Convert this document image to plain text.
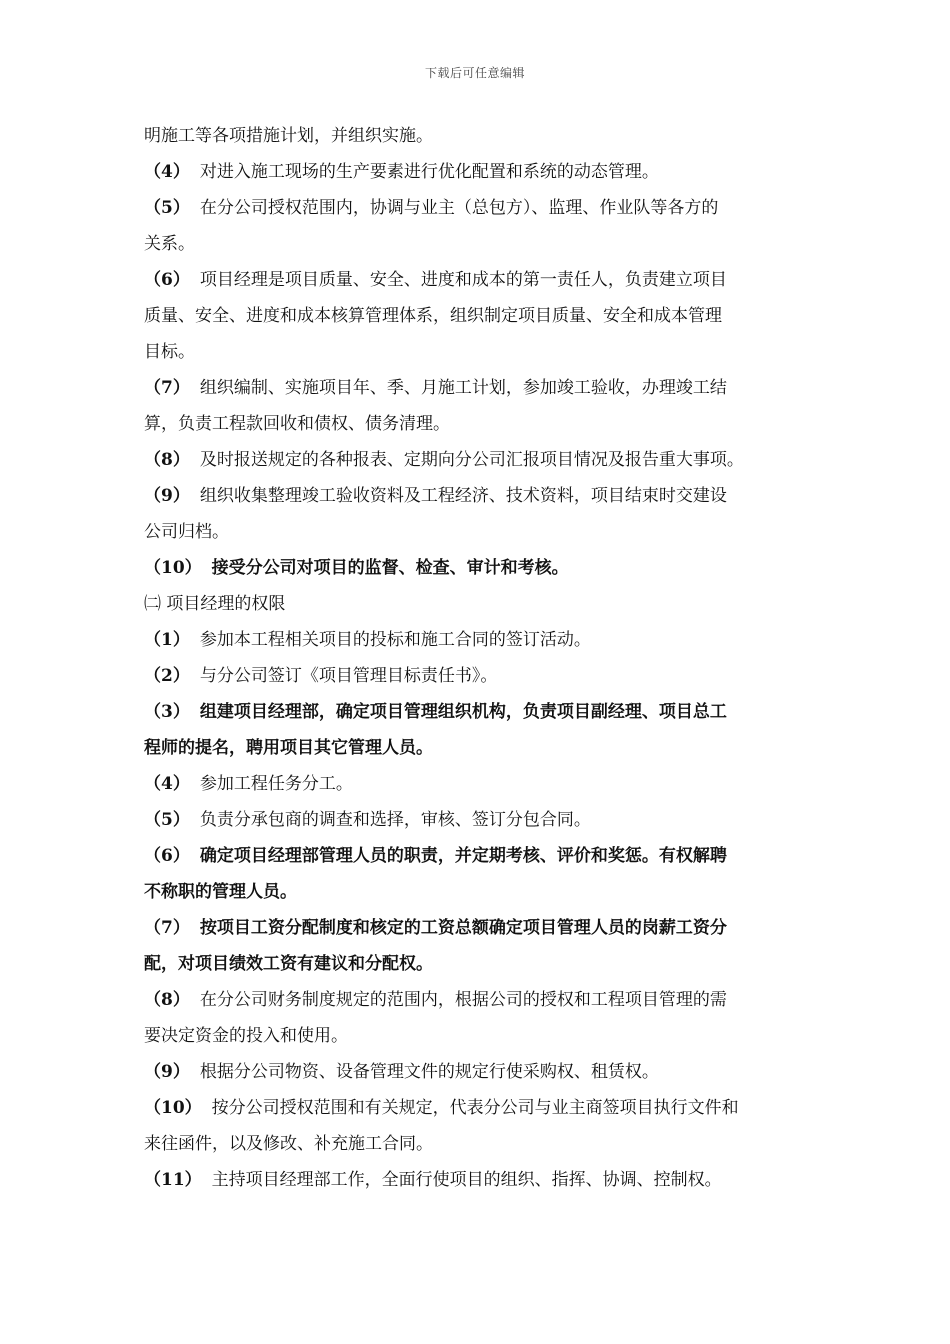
下载后可任意编辑
明施工等各项措施计划，并组织实施。
（4） 对进入施工现场的生产要素进行优化配置和系统的动态管理。
（5） 在分公司授权范围内，协调与业主（总包方）、监理、作业队等各方的
关系。
（6） 项目经理是项目质量、安全、进度和成本的第一责任人，负责建立项目
质量、安全、进度和成本核算管理体系，组织制定项目质量、安全和成本管理
目标。
（7） 组织编制、实施项目年、季、月施工计划，参加竣工验收，办理竣工结
算，负责工程款回收和债权、债务清理。
（8） 及时报送规定的各种报表、定期向分公司汇报项目情况及报告重大事项。
（9） 组织收集整理竣工验收资料及工程经济、技术资料，项目结束时交建设
公司归档。
（10） 接受分公司对项目的监督、检查、审计和考核。
㈡ 项目经理的权限
（1） 参加本工程相关项目的投标和施工合同的签订活动。
（2） 与分公司签订《项目管理目标责任书》。
（3） 组建项目经理部，确定项目管理组织机构，负责项目副经理、项目总工
程师的提名，聘用项目其它管理人员。
（4） 参加工程任务分工。
（5） 负责分承包商的调查和选择，审核、签订分包合同。
（6） 确定项目经理部管理人员的职责，并定期考核、评价和奖惩。有权解聘
不称职的管理人员。
（7） 按项目工资分配制度和核定的工资总额确定项目管理人员的岗薪工资分
配，对项目绩效工资有建议和分配权。
（8） 在分公司财务制度规定的范围内，根据公司的授权和工程项目管理的需
要决定资金的投入和使用。
（9） 根据分公司物资、设备管理文件的规定行使采购权、租赁权。
（10） 按分公司授权范围和有关规定，代表分公司与业主商签项目执行文件和
来往函件，以及修改、补充施工合同。
（11） 主持项目经理部工作，全面行使项目的组织、指挥、协调、控制权。
